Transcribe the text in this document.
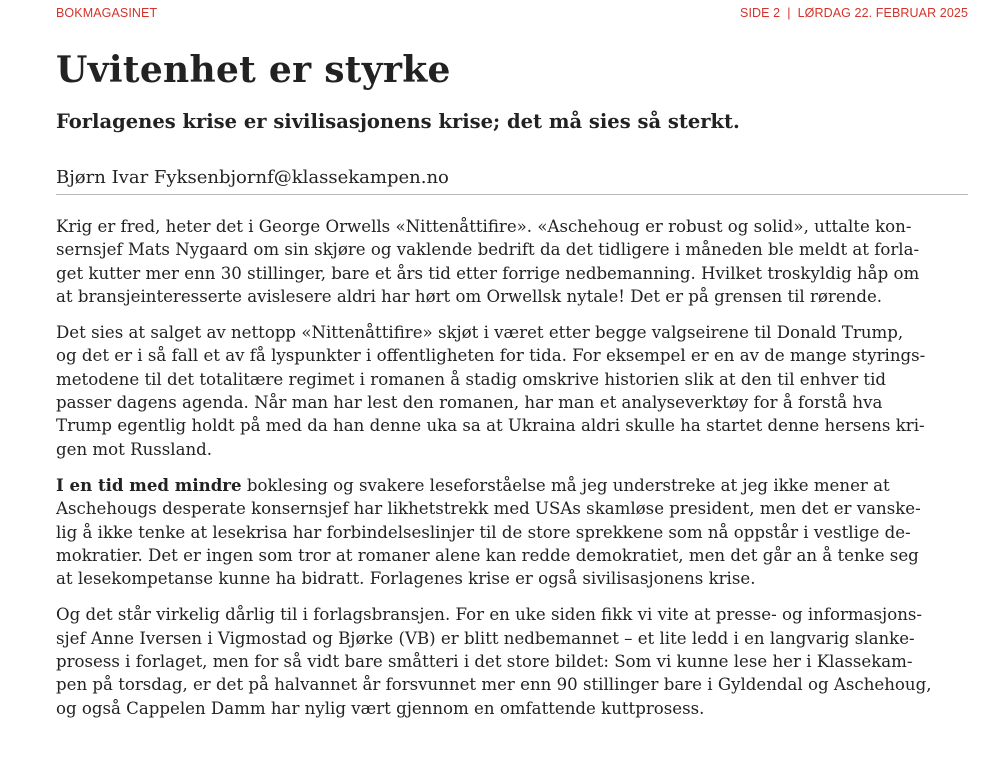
BOKMAGASINET	SIDE 2 | LØRDAG 22. FEBRUAR 2025
Uvitenhet er styrke
Forlagenes krise er sivilisasjonens krise; det må sies så sterkt.
Bjørn Ivar Fyksenbjornf@klassekampen.no

Krig er fred, heter det i George Orwells «Nittenåttifire». «Aschehoug er robust og solid», uttalte kon-
sernsjef Mats Nygaard om sin skjøre og vaklende bedrift da det tidligere i måneden ble meldt at forla-
get kutter mer enn 30 stillinger, bare et års tid etter forrige nedbemanning. Hvilket troskyldig håp om
at bransjeinteresserte avislesere aldri har hørt om Orwellsk nytale! Det er på grensen til rørende.

Det sies at salget av nettopp «Nittenåttifire» skjøt i været etter begge valgseirene til Donald Trump,
og det er i så fall et av få lyspunkter i offentligheten for tida. For eksempel er en av de mange styrings-
metodene til det totalitære regimet i romanen å stadig omskrive historien slik at den til enhver tid
passer dagens agenda. Når man har lest den romanen, har man et analyseverktøy for å forstå hva
Trump egentlig holdt på med da han denne uka sa at Ukraina aldri skulle ha startet denne hersens kri-
gen mot Russland.

I en tid med mindre boklesing og svakere leseforståelse må jeg understreke at jeg ikke mener at
Aschehougs desperate konsernsjef har likhetstrekk med USAs skamløse president, men det er vanske-
lig å ikke tenke at lesekrisa har forbindelseslinjer til de store sprekkene som nå oppstår i vestlige de-
mokratier. Det er ingen som tror at romaner alene kan redde demokratiet, men det går an å tenke seg
at lesekompetanse kunne ha bidratt. Forlagenes krise er også sivilisasjonens krise.

Og det står virkelig dårlig til i forlagsbransjen. For en uke siden fikk vi vite at presse- og informasjons-
sjef Anne Iversen i Vigmostad og Bjørke (VB) er blitt nedbemannet – et lite ledd i en langvarig slanke-
prosess i forlaget, men for så vidt bare småtteri i det store bildet: Som vi kunne lese her i Klassekam-
pen på torsdag, er det på halvannet år forsvunnet mer enn 90 stillinger bare i Gyldendal og Aschehoug,
og også Cappelen Damm har nylig vært gjennom en omfattende kuttprosess.
